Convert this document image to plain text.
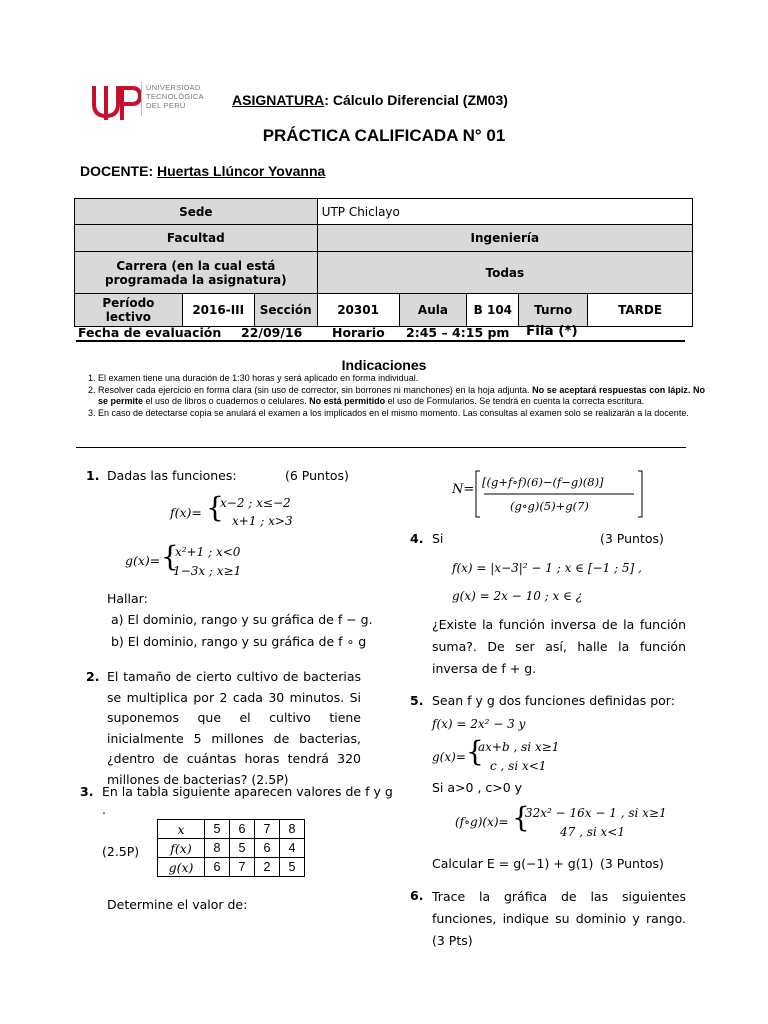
UNIVERSIDAD
TECNOLÓGICA
DEL PERÚ	ASIGNATURA: Cálculo Diferencial (ZM03)
PRÁCTICA CALIFICADA N° 01
DOCENTE: Huertas Llúncor Yovanna
Sede			UTP Chiclayo				
Facultad			Ingeniería				
Carrera (en la cual está programada la asignatura)			Todas				
Período lectivo	2016-III	Sección	20301	Aula	B 104	Turno	TARDE
Fecha de evaluación 22/09/16 Horario 2:45 – 4:15 pm Fila (*)
Indicaciones
1. El examen tiene una duración de 1:30 horas y será aplicado en forma individual.
2. Resolver cada ejercicio en forma clara (sin uso de corrector, sin borrones ni manchones) en la hoja adjunta. No se aceptará respuestas con lápiz. No se permite el uso de libros o cuadernos o celulares. No está permitido el uso de Formularios. Se tendrá en cuenta la correcta escritura.
3. En caso de detectarse copia se anulará el examen a los implicados en el mismo momento. Las consultas al examen solo se realizarán a la docente.
1. Dadas las funciones:	(6 Puntos)
f(x)= {
x−2 ; x≤−2
x+1 ; x>3
g(x)= {
x²+1 ; x<0
1−3x ; x≥1
Hallar:
a) El dominio, rango y su gráfica de f − g.
b) El dominio, rango y su gráfica de f ∘ g
2. El tamaño de cierto cultivo de bacterias se multiplica por 2 cada 30 minutos. Si suponemos que el cultivo tiene inicialmente 5 millones de bacterias, ¿dentro de cuántas horas tendrá 320 millones de bacterias? (2.5P)
3. En la tabla siguiente aparecen valores de f y g
.
(2.5P)
Determine el valor de:
x	5	6	7	8
f(x)	8	5	6	4
g(x)	6	7	2	5
N= [(g+f∘f)(6)−(f−g)(8)]
(g∘g)(5)+g(7)
4. Si	(3 Puntos)
f(x) = |x−3|² − 1 ; x ∈ [−1 ; 5] ,
g(x) = 2x − 10 ; x ∈ ¿
¿Existe la función inversa de la función suma?. De ser así, halle la función inversa de f + g.
5. Sean f y g dos funciones definidas por:
f(x) = 2x² − 3 y
g(x)= {
ax+b , si x≥1
c , si x<1
Si a>0 , c>0 y
(f∘g)(x)= {
32x² − 16x − 1 , si x≥1
47 , si x<1
Calcular E = g(−1) + g(1) (3 Puntos)
6. Trace la gráfica de las siguientes funciones, indique su dominio y rango. (3 Pts)
